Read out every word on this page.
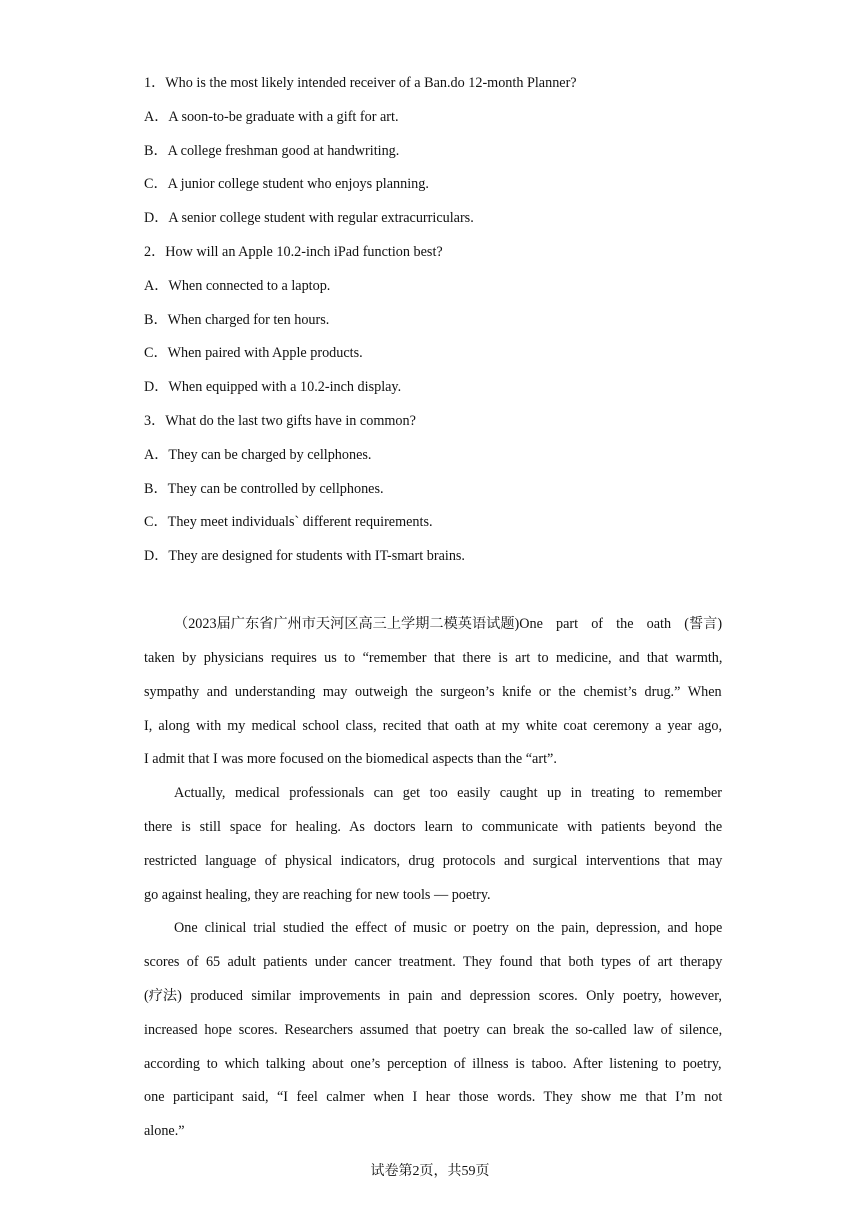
1．Who is the most likely intended receiver of a Ban.do 12-month Planner?
A．A soon-to-be graduate with a gift for art.
B．A college freshman good at handwriting.
C．A junior college student who enjoys planning.
D．A senior college student with regular extracurriculars.
2．How will an Apple 10.2-inch iPad function best?
A．When connected to a laptop.
B．When charged for ten hours.
C．When paired with Apple products.
D．When equipped with a 10.2-inch display.
3．What do the last two gifts have in common?
A．They can be charged by cellphones.
B．They can be controlled by cellphones.
C．They meet individuals` different requirements.
D．They are designed for students with IT-smart brains.
（2023届广东省广州市天河区高三上学期二模英语试题)One part of the oath (誓言)
taken by physicians requires us to “remember that there is art to medicine, and that warmth,
sympathy and understanding may outweigh the surgeon’s knife or the chemist’s drug.” When
I, along with my medical school class, recited that oath at my white coat ceremony a year ago,
I admit that I was more focused on the biomedical aspects than the “art”.
Actually, medical professionals can get too easily caught up in treating to remember
there is still space for healing. As doctors learn to communicate with patients beyond the
restricted language of physical indicators, drug protocols and surgical interventions that may
go against healing, they are reaching for new tools — poetry.
One clinical trial studied the effect of music or poetry on the pain, depression, and hope
scores of 65 adult patients under cancer treatment. They found that both types of art therapy
(疗法) produced similar improvements in pain and depression scores. Only poetry, however,
increased hope scores. Researchers assumed that poetry can break the so-called law of silence,
according to which talking about one’s perception of illness is taboo. After listening to poetry,
one participant said, “I feel calmer when I hear those words. They show me that I’m not
alone.”
试卷第2页，共59页
